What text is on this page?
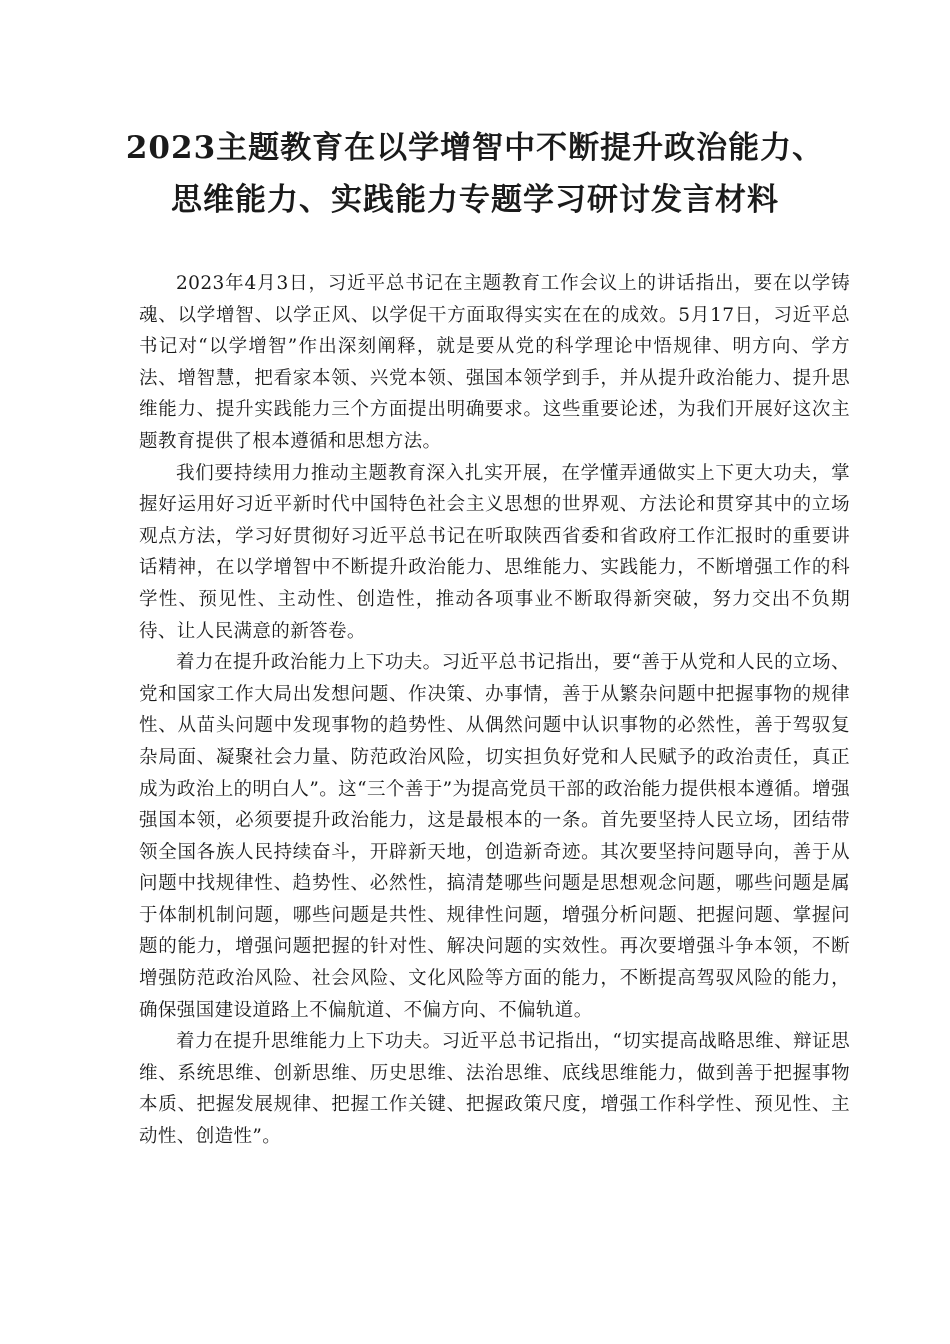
2023主题教育在以学增智中不断提升政治能力、思维能力、实践能力专题学习研讨发言材料

2023年4月3日，习近平总书记在主题教育工作会议上的讲话指出，要在以学铸魂、以学增智、以学正风、以学促干方面取得实实在在的成效。5月17日，习近平总书记对“以学增智”作出深刻阐释，就是要从党的科学理论中悟规律、明方向、学方法、增智慧，把看家本领、兴党本领、强国本领学到手，并从提升政治能力、提升思维能力、提升实践能力三个方面提出明确要求。这些重要论述，为我们开展好这次主题教育提供了根本遵循和思想方法。

我们要持续用力推动主题教育深入扎实开展，在学懂弄通做实上下更大功夫，掌握好运用好习近平新时代中国特色社会主义思想的世界观、方法论和贯穿其中的立场观点方法，学习好贯彻好习近平总书记在听取陕西省委和省政府工作汇报时的重要讲话精神，在以学增智中不断提升政治能力、思维能力、实践能力，不断增强工作的科学性、预见性、主动性、创造性，推动各项事业不断取得新突破，努力交出不负期待、让人民满意的新答卷。

着力在提升政治能力上下功夫。习近平总书记指出，要“善于从党和人民的立场、党和国家工作大局出发想问题、作决策、办事情，善于从繁杂问题中把握事物的规律性、从苗头问题中发现事物的趋势性、从偶然问题中认识事物的必然性，善于驾驭复杂局面、凝聚社会力量、防范政治风险，切实担负好党和人民赋予的政治责任，真正成为政治上的明白人”。这“三个善于”为提高党员干部的政治能力提供根本遵循。增强强国本领，必须要提升政治能力，这是最根本的一条。首先要坚持人民立场，团结带领全国各族人民持续奋斗，开辟新天地，创造新奇迹。其次要坚持问题导向，善于从问题中找规律性、趋势性、必然性，搞清楚哪些问题是思想观念问题，哪些问题是属于体制机制问题，哪些问题是共性、规律性问题，增强分析问题、把握问题、掌握问题的能力，增强问题把握的针对性、解决问题的实效性。再次要增强斗争本领，不断增强防范政治风险、社会风险、文化风险等方面的能力，不断提高驾驭风险的能力，确保强国建设道路上不偏航道、不偏方向、不偏轨道。

着力在提升思维能力上下功夫。习近平总书记指出，“切实提高战略思维、辩证思维、系统思维、创新思维、历史思维、法治思维、底线思维能力，做到善于把握事物本质、把握发展规律、把握工作关键、把握政策尺度，增强工作科学性、预见性、主动性、创造性”。
